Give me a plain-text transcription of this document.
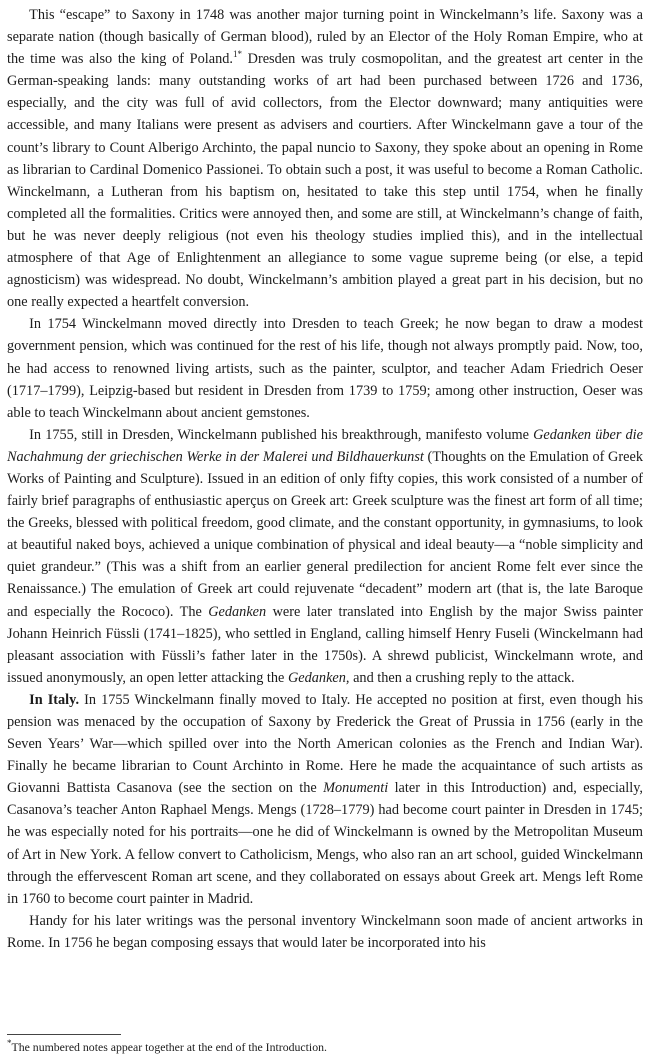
This “escape” to Saxony in 1748 was another major turning point in Winckelmann’s life. Saxony was a separate nation (though basically of German blood), ruled by an Elector of the Holy Roman Empire, who at the time was also the king of Poland.$^{1*}$ Dresden was truly cosmopolitan, and the greatest art center in the German-speaking lands: many outstanding works of art had been purchased between 1726 and 1736, especially, and the city was full of avid collectors, from the Elector downward; many antiquities were accessible, and many Italians were present as advisers and courtiers. After Winckelmann gave a tour of the count’s library to Count Alberigo Archinto, the papal nuncio to Saxony, they spoke about an opening in Rome as librarian to Cardinal Domenico Passionei. To obtain such a post, it was useful to become a Roman Catholic. Winckelmann, a Lutheran from his baptism on, hesitated to take this step until 1754, when he finally completed all the formalities. Critics were annoyed then, and some are still, at Winckelmann’s change of faith, but he was never deeply religious (not even his theology studies implied this), and in the intellectual atmosphere of that Age of Enlightenment an allegiance to some vague supreme being (or else, a tepid agnosticism) was widespread. No doubt, Winckelmann’s ambition played a great part in his decision, but no one really expected a heartfelt conversion.

In 1754 Winckelmann moved directly into Dresden to teach Greek; he now began to draw a modest government pension, which was continued for the rest of his life, though not always promptly paid. Now, too, he had access to renowned living artists, such as the painter, sculptor, and teacher Adam Friedrich Oeser (1717–1799), Leipzig-based but resident in Dresden from 1739 to 1759; among other instruction, Oeser was able to teach Winckelmann about ancient gemstones.

In 1755, still in Dresden, Winckelmann published his breakthrough, manifesto volume Gedanken über die Nachahmung der griechischen Werke in der Malerei und Bildhauerkunst (Thoughts on the Emulation of Greek Works of Painting and Sculpture). Issued in an edition of only fifty copies, this work consisted of a number of fairly brief paragraphs of enthusiastic aperçus on Greek art: Greek sculpture was the finest art form of all time; the Greeks, blessed with political freedom, good climate, and the constant opportunity, in gymnasiums, to look at beautiful naked boys, achieved a unique combination of physical and ideal beauty—a “noble simplicity and quiet grandeur.” (This was a shift from an earlier general predilection for ancient Rome felt ever since the Renaissance.) The emulation of Greek art could rejuvenate “decadent” modern art (that is, the late Baroque and especially the Rococo). The Gedanken were later translated into English by the major Swiss painter Johann Heinrich Füssli (1741–1825), who settled in England, calling himself Henry Fuseli (Winckelmann had pleasant association with Füssli’s father later in the 1750s). A shrewd publicist, Winckelmann wrote, and issued anonymously, an open letter attacking the Gedanken, and then a crushing reply to the attack.

In Italy. In 1755 Winckelmann finally moved to Italy. He accepted no position at first, even though his pension was menaced by the occupation of Saxony by Frederick the Great of Prussia in 1756 (early in the Seven Years’ War—which spilled over into the North American colonies as the French and Indian War). Finally he became librarian to Count Archinto in Rome. Here he made the acquaintance of such artists as Giovanni Battista Casanova (see the section on the Monumenti later in this Introduction) and, especially, Casanova’s teacher Anton Raphael Mengs. Mengs (1728–1779) had become court painter in Dresden in 1745; he was especially noted for his portraits—one he did of Winckelmann is owned by the Metropolitan Museum of Art in New York. A fellow convert to Catholicism, Mengs, who also ran an art school, guided Winckelmann through the effervescent Roman art scene, and they collaborated on essays about Greek art. Mengs left Rome in 1760 to become court painter in Madrid.

Handy for his later writings was the personal inventory Winckelmann soon made of ancient artworks in Rome. In 1756 he began composing essays that would later be incorporated into his

*The numbered notes appear together at the end of the Introduction.
